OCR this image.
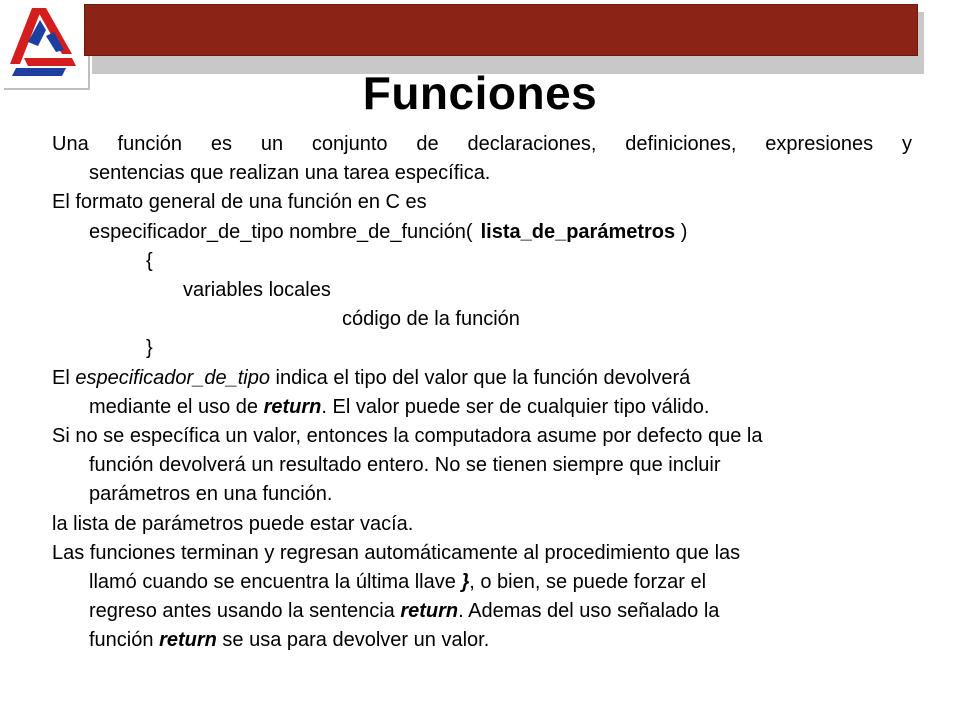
Funciones
Una función es un conjunto de declaraciones, definiciones, expresiones y
sentencias que realizan una tarea específica.
El formato general de una función en C es
especificador_de_tipo nombre_de_función( lista_de_parámetros )
{
variables locales
código de la función
}
El especificador_de_tipo indica el tipo del valor que la función devolverá
mediante el uso de return. El valor puede ser de cualquier tipo válido.
Si no se específica un valor, entonces la computadora asume por defecto que la
función devolverá un resultado entero. No se tienen siempre que incluir
parámetros en una función.
la lista de parámetros puede estar vacía.
Las funciones terminan y regresan automáticamente al procedimiento que las
llamó cuando se encuentra la última llave }, o bien, se puede forzar el
regreso antes usando la sentencia return. Ademas del uso señalado la
función return se usa para devolver un valor.
